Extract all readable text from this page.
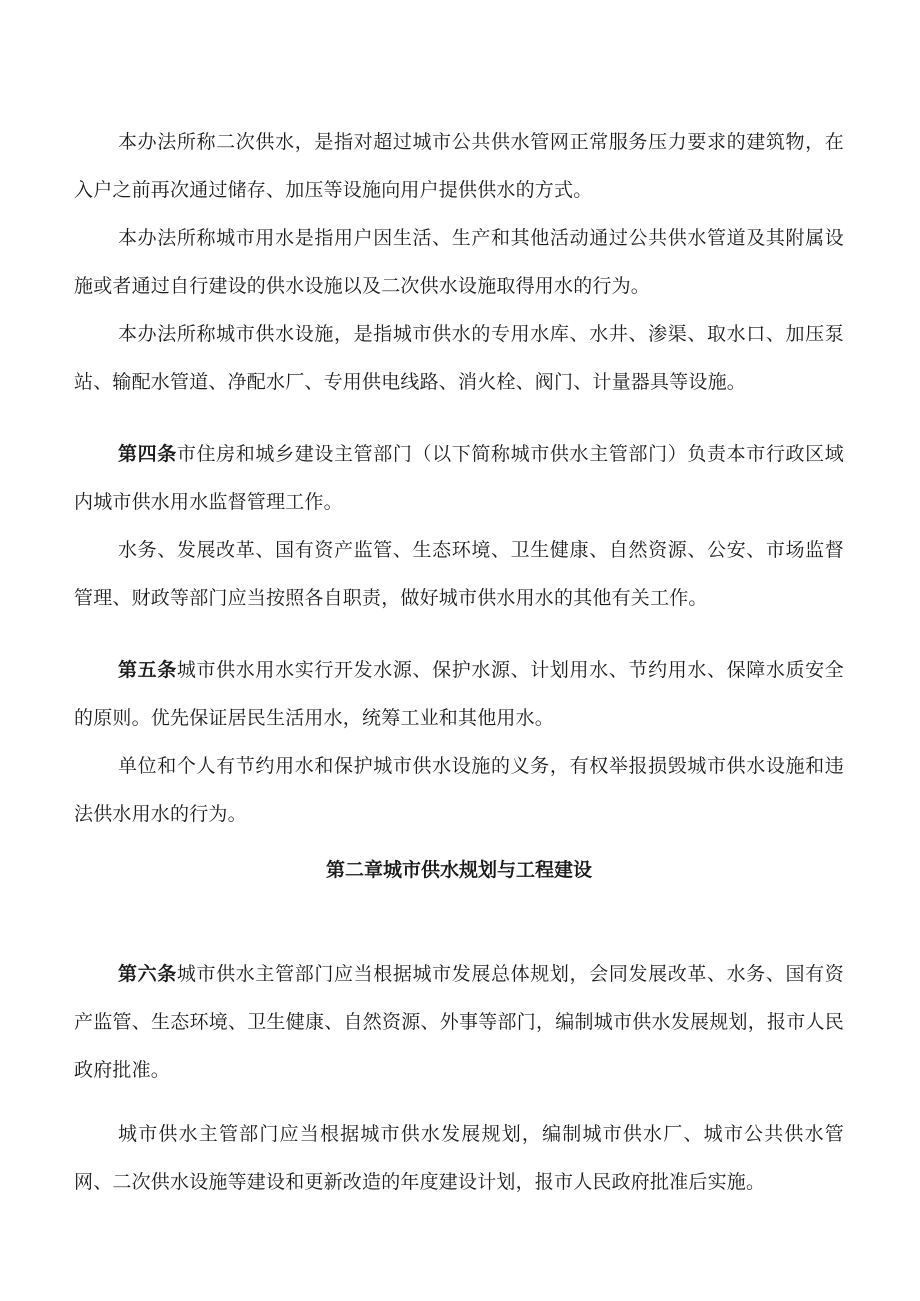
本办法所称二次供水，是指对超过城市公共供水管网正常服务压力要求的建筑物，在入户之前再次通过储存、加压等设施向用户提供供水的方式。

本办法所称城市用水是指用户因生活、生产和其他活动通过公共供水管道及其附属设施或者通过自行建设的供水设施以及二次供水设施取得用水的行为。

本办法所称城市供水设施，是指城市供水的专用水库、水井、渗渠、取水口、加压泵站、输配水管道、净配水厂、专用供电线路、消火栓、阀门、计量器具等设施。

第四条市住房和城乡建设主管部门（以下简称城市供水主管部门）负责本市行政区域内城市供水用水监督管理工作。

水务、发展改革、国有资产监管、生态环境、卫生健康、自然资源、公安、市场监督管理、财政等部门应当按照各自职责，做好城市供水用水的其他有关工作。

第五条城市供水用水实行开发水源、保护水源、计划用水、节约用水、保障水质安全的原则。优先保证居民生活用水，统筹工业和其他用水。

单位和个人有节约用水和保护城市供水设施的义务，有权举报损毁城市供水设施和违法供水用水的行为。

第二章城市供水规划与工程建设

第六条城市供水主管部门应当根据城市发展总体规划，会同发展改革、水务、国有资产监管、生态环境、卫生健康、自然资源、外事等部门，编制城市供水发展规划，报市人民政府批准。

城市供水主管部门应当根据城市供水发展规划，编制城市供水厂、城市公共供水管网、二次供水设施等建设和更新改造的年度建设计划，报市人民政府批准后实施。
